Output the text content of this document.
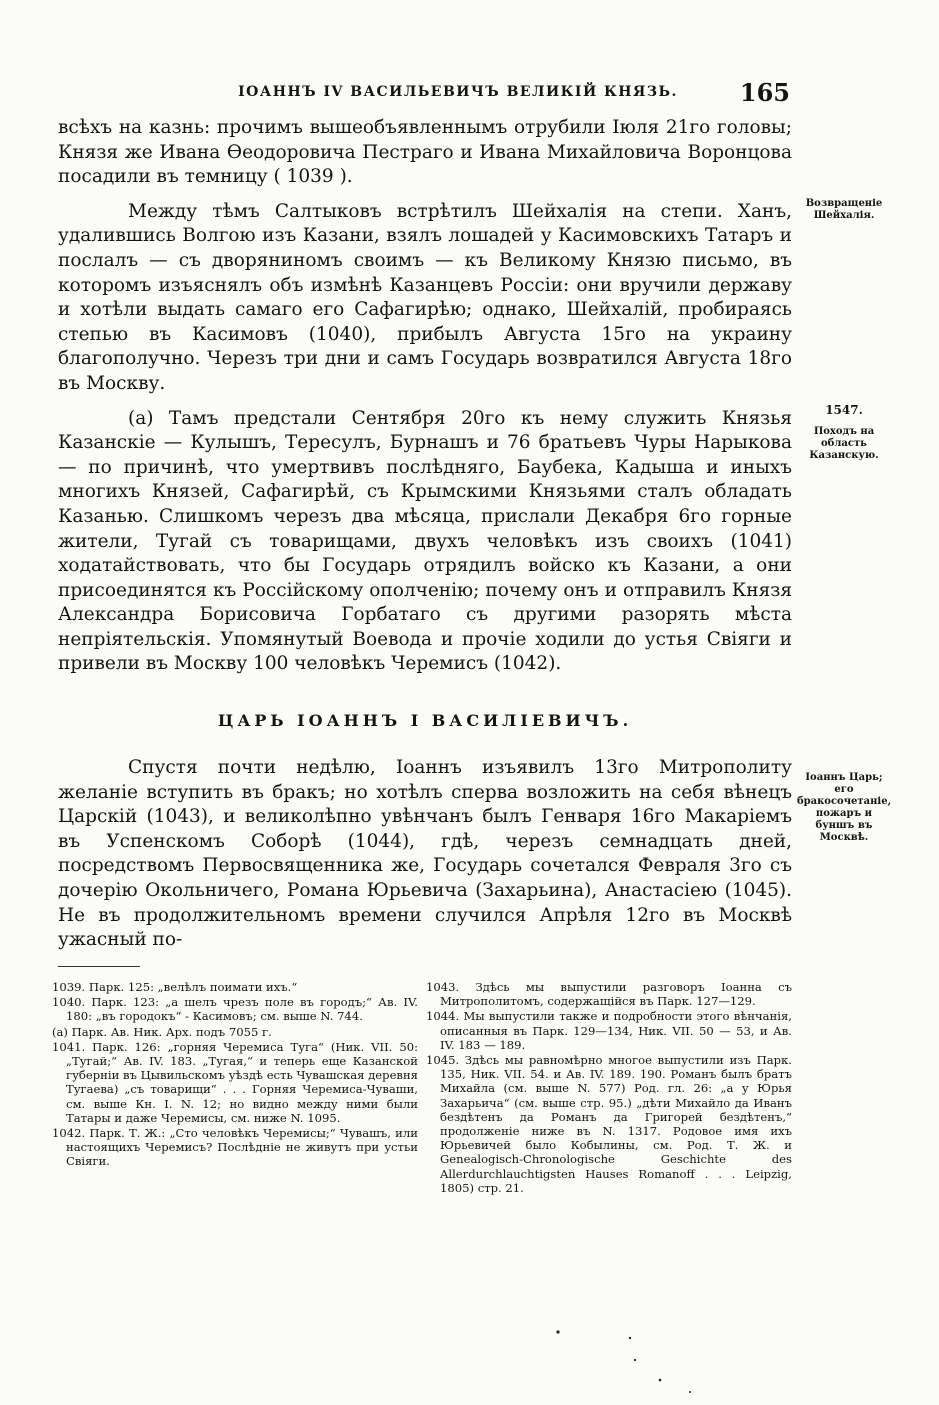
ІОАННЪ IV ВАСИЛЬЕВИЧЪ ВЕЛИКІЙ КНЯЗЬ.	165

всѣхъ на казнь: прочимъ вышеобъявленнымъ отрубили Іюля 21го головы; Князя же Ивана Ѳеодоровича Пестраго и Ивана Михайловича Воронцова посадили въ темницу ( 1039 ).

Между тѣмъ Салтыковъ встрѣтилъ Шейхалія на степи. Ханъ, удалившись Волгою изъ Казани, взялъ лошадей у Касимовскихъ Татаръ и послалъ — съ дворяниномъ своимъ — къ Великому Князю письмо, въ которомъ изъяснялъ объ измѣнѣ Казанцевъ Россіи: они вручили державу и хотѣли выдать самаго его Сафагирѣю; однако, Шейхалій, пробираясь степью въ Касимовъ (1040), прибылъ Августа 15го на украину благополучно. Черезъ три дни и самъ Государь возвратился Августа 18го въ Москву.

(а) Тамъ предстали Сентября 20го къ нему служить Князья Казанскіе — Кулышъ, Тересулъ, Бурнашъ и 76 братьевъ Чуры Нарыкова — по причинѣ, что умертвивъ послѣдняго, Баубека, Кадыша и иныхъ многихъ Князей, Сафагирѣй, съ Крымскими Князьями сталъ обладать Казанью. Слишкомъ черезъ два мѣсяца, прислали Декабря 6го горные жители, Тугай съ товарищами, двухъ человѣкъ изъ своихъ (1041) ходатайствовать, что бы Государь отрядилъ войско къ Казани, а они присоединятся къ Россійскому ополченію; почему онъ и отправилъ Князя Александра Борисовича Горбатаго съ другими разорять мѣста непріятельскія. Упомянутый Воевода и прочіе ходили до устья Свіяги и привели въ Москву 100 человѣкъ Черемисъ (1042).

ЦАРЬ ІОАННЪ I ВАСИЛІЕВИЧЪ.

Спустя почти недѣлю, Іоаннъ изъявилъ 13го Митрополиту желаніе вступить въ бракъ; но хотѣлъ сперва возложить на себя вѣнецъ Царскій (1043), и великолѣпно увѣнчанъ былъ Генваря 16го Макаріемъ въ Успенскомъ Соборѣ (1044), гдѣ, черезъ семнадцать дней, посредствомъ Первосвященника же, Государь сочетался Февраля 3го съ дочерію Окольничего, Романа Юрьевича (Захарьина), Анастасіею (1045). Не въ продолжительномъ времени случился Апрѣля 12го въ Москвѣ ужасный по-

Возвращеніе Шейхалія.
1547.
Походъ на область Казанскую.
Іоаннъ Царь; его бракосочетаніе, пожаръ и буншъ въ Москвѣ.

1039. Парк. 125: „велѣлъ поимати ихъ.“

1040. Парк. 123: „а шелъ чрезъ поле въ городъ;“ Ав. IV. 180: „въ городокъ“ - Касимовъ; см. выше N. 744.

(а) Парк. Ав. Ник. Арх. подъ 7055 г.

1041. Парк. 126: „горняя Черемиса Туга“ (Ник. VII. 50: „Тугай;“ Ав. IV. 183. „Тугая,“ и теперь еще Казанской губерніи въ Цывильскомъ уѣздѣ есть Чувашская деревня Тугаева) „съ товарищи“ . . . Горняя Черемиса-Чуваши, см. выше Кн. I. N. 12; но видно между ними были Татары и даже Черемисы, см. ниже N. 1095.

1042. Парк. Т. Ж.: „Сто человѣкъ Черемисы;“ Чувашъ, или настоящихъ Черемисъ? Послѣдніе не живутъ при устьи Свіяги.

1043. Здѣсь мы выпустили разговоръ Іоанна съ Митрополитомъ, содержащійся въ Парк. 127—129.

1044. Мы выпустили также и подробности этого вѣнчанія, описанныя въ Парк. 129—134, Ник. VII. 50 — 53, и Ав. IV. 183 — 189.

1045. Здѣсь мы равномѣрно многое выпустили изъ Парк. 135, Ник. VII. 54. и Ав. IV. 189. 190. Романъ былъ братъ Михайла (см. выше N. 577) Род. гл. 26: „а у Юрья Захарьича“ (см. выше стр. 95.) „дѣти Михайло да Иванъ бездѣтенъ да Романъ да Григорей бездѣтенъ,“ продолженіе ниже въ N. 1317. Родовое имя ихъ Юрьевичей было Кобылины, см. Род. Т. Ж. и Genealogisch-Chronologische Geschichte des Allerdurchlauchtigsten Hauses Romanoff . . . Leipzig, 1805) стр. 21.
